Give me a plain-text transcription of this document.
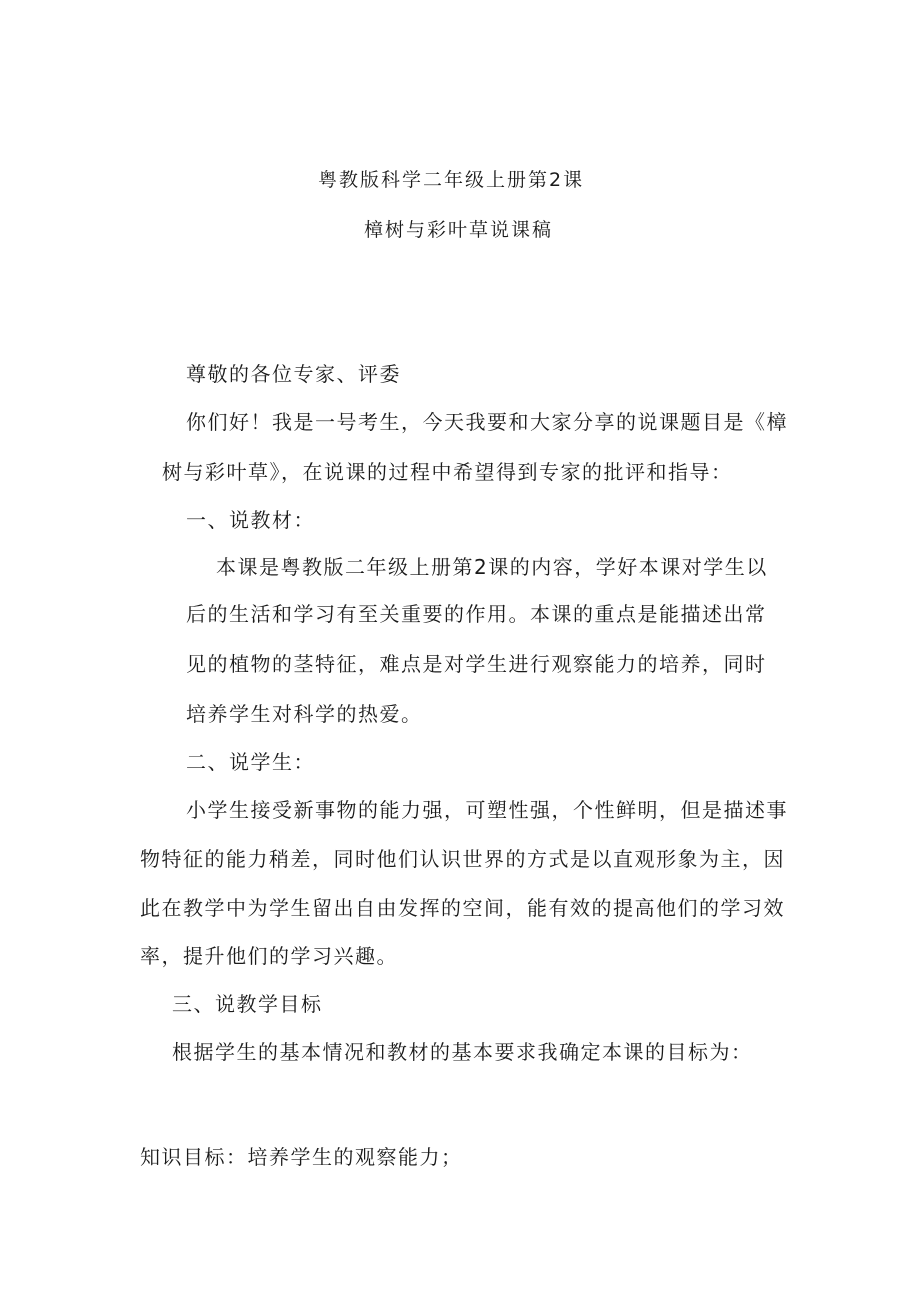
粤教版科学二年级上册第2课
樟树与彩叶草说课稿
尊敬的各位专家、评委
你们好！我是一号考生，今天我要和大家分享的说课题目是《樟
树与彩叶草》，在说课的过程中希望得到专家的批评和指导：
一、说教材：
本课是粤教版二年级上册第2课的内容，学好本课对学生以
后的生活和学习有至关重要的作用。本课的重点是能描述出常
见的植物的茎特征，难点是对学生进行观察能力的培养，同时
培养学生对科学的热爱。
二、说学生：
小学生接受新事物的能力强，可塑性强，个性鲜明，但是描述事
物特征的能力稍差，同时他们认识世界的方式是以直观形象为主，因
此在教学中为学生留出自由发挥的空间，能有效的提高他们的学习效
率，提升他们的学习兴趣。
三、说教学目标
根据学生的基本情况和教材的基本要求我确定本课的目标为：
知识目标：培养学生的观察能力；
